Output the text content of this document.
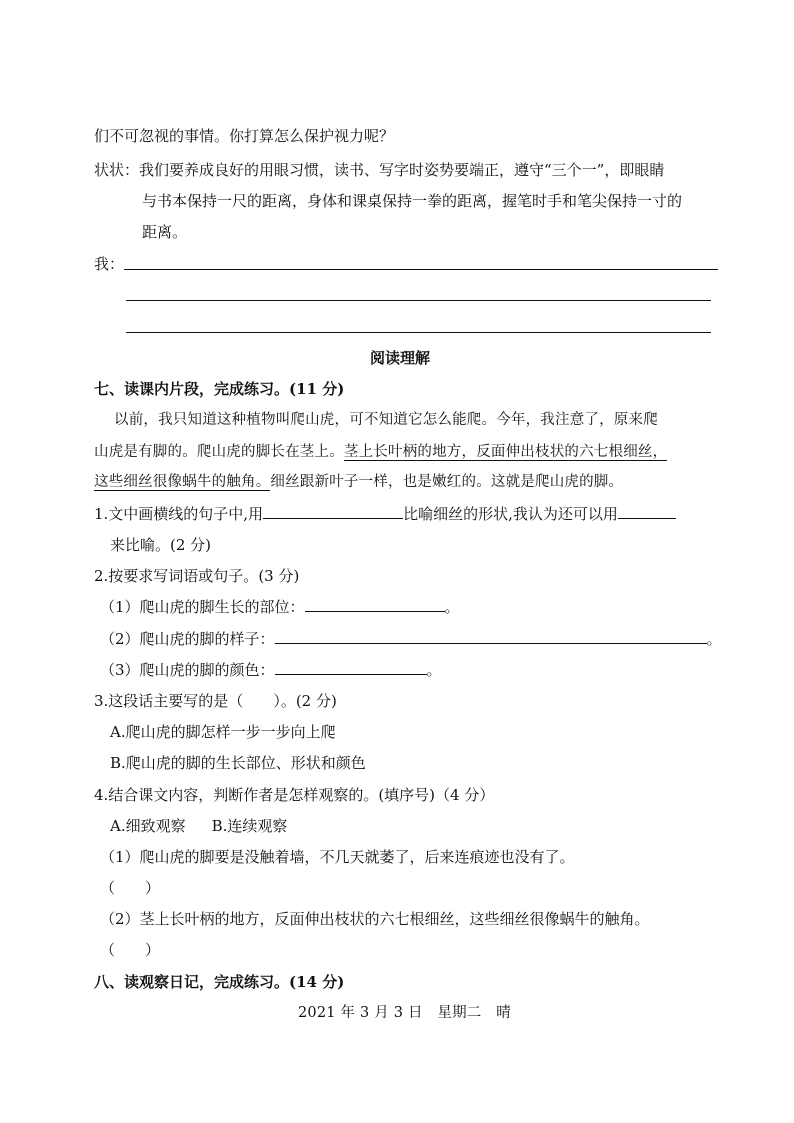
们不可忽视的事情。你打算怎么保护视力呢？
状状：我们要养成良好的用眼习惯，读书、写字时姿势要端正，遵守“三个一”，即眼睛
与书本保持一尺的距离，身体和课桌保持一拳的距离，握笔时手和笔尖保持一寸的
距离。
我：
阅读理解
七、读课内片段，完成练习。(11 分)
以前，我只知道这种植物叫爬山虎，可不知道它怎么能爬。今年，我注意了，原来爬
山虎是有脚的。爬山虎的脚长在茎上。茎上长叶柄的地方，反面伸出枝状的六七根细丝，
这些细丝很像蜗牛的触角。细丝跟新叶子一样，也是嫩红的。这就是爬山虎的脚。
1.文中画横线的句子中,用	比喻细丝的形状,我认为还可以用
来比喻。(2 分)
2.按要求写词语或句子。(3 分)
（1）爬山虎的脚生长的部位：	。
（2）爬山虎的脚的样子：	。
（3）爬山虎的脚的颜色：	。
3.这段话主要写的是（　　）。(2 分)
A.爬山虎的脚怎样一步一步向上爬
B.爬山虎的脚的生长部位、形状和颜色
4.结合课文内容，判断作者是怎样观察的。(填序号)（4 分）
A.细致观察 B.连续观察
（1）爬山虎的脚要是没触着墙，不几天就萎了，后来连痕迹也没有了。
（　　）
（2）茎上长叶柄的地方，反面伸出枝状的六七根细丝，这些细丝很像蜗牛的触角。
（　　）
八、读观察日记，完成练习。(14 分)
2021 年 3 月 3 日　星期二　晴
